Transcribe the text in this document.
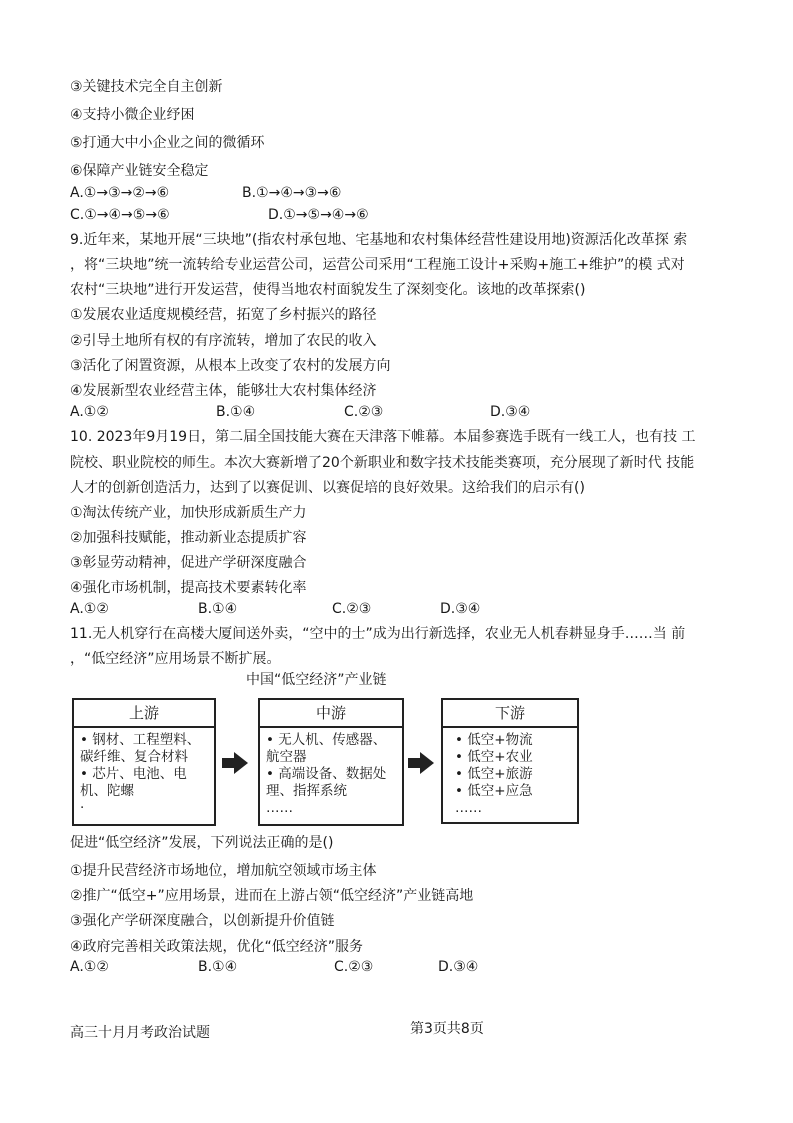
③关键技术完全自主创新
④支持小微企业纾困
⑤打通大中小企业之间的微循环
⑥保障产业链安全稳定
A.①→③→②→⑥	B.①→④→③→⑥
C.①→④→⑤→⑥	D.①→⑤→④→⑥
9.近年来，某地开展“三块地”(指农村承包地、宅基地和农村集体经营性建设用地)资源活化改革探 索
，将“三块地”统一流转给专业运营公司，运营公司采用“工程施工设计+采购+施工+维护”的模 式对
农村“三块地”进行开发运营，使得当地农村面貌发生了深刻变化。该地的改革探索()
①发展农业适度规模经营，拓宽了乡村振兴的路径
②引导土地所有权的有序流转，增加了农民的收入
③活化了闲置资源，从根本上改变了农村的发展方向
④发展新型农业经营主体，能够壮大农村集体经济
A.①②	B.①④	C.②③	D.③④
10. 2023年9月19日，第二届全国技能大赛在天津落下帷幕。本届参赛选手既有一线工人，也有技 工
院校、职业院校的师生。本次大赛新增了20个新职业和数字技术技能类赛项，充分展现了新时代 技能
人才的创新创造活力，达到了以赛促训、以赛促培的良好效果。这给我们的启示有()
①淘汰传统产业，加快形成新质生产力
②加强科技赋能，推动新业态提质扩容
③彰显劳动精神，促进产学研深度融合
④强化市场机制，提高技术要素转化率
A.①②	B.①④	C.②③	D.③④
11.无人机穿行在高楼大厦间送外卖，“空中的士”成为出行新选择，农业无人机春耕显身手……当 前
，“低空经济”应用场景不断扩展。
中国“低空经济”产业链
上游
• 钢材、工程塑料、碳纤维、复合材料
• 芯片、电池、电机、陀螺
·
中游
• 无人机、传感器、航空器
• 高端设备、数据处理、指挥系统
……
下游
• 低空+物流
• 低空+农业
• 低空+旅游
• 低空+应急
……
促进“低空经济”发展，下列说法正确的是()
①提升民营经济市场地位，增加航空领域市场主体
②推广“低空+”应用场景，进而在上游占领“低空经济”产业链高地
③强化产学研深度融合，以创新提升价值链
④政府完善相关政策法规，优化“低空经济”服务
A.①②	B.①④	C.②③	D.③④
高三十月月考政治试题	第3页共8页
